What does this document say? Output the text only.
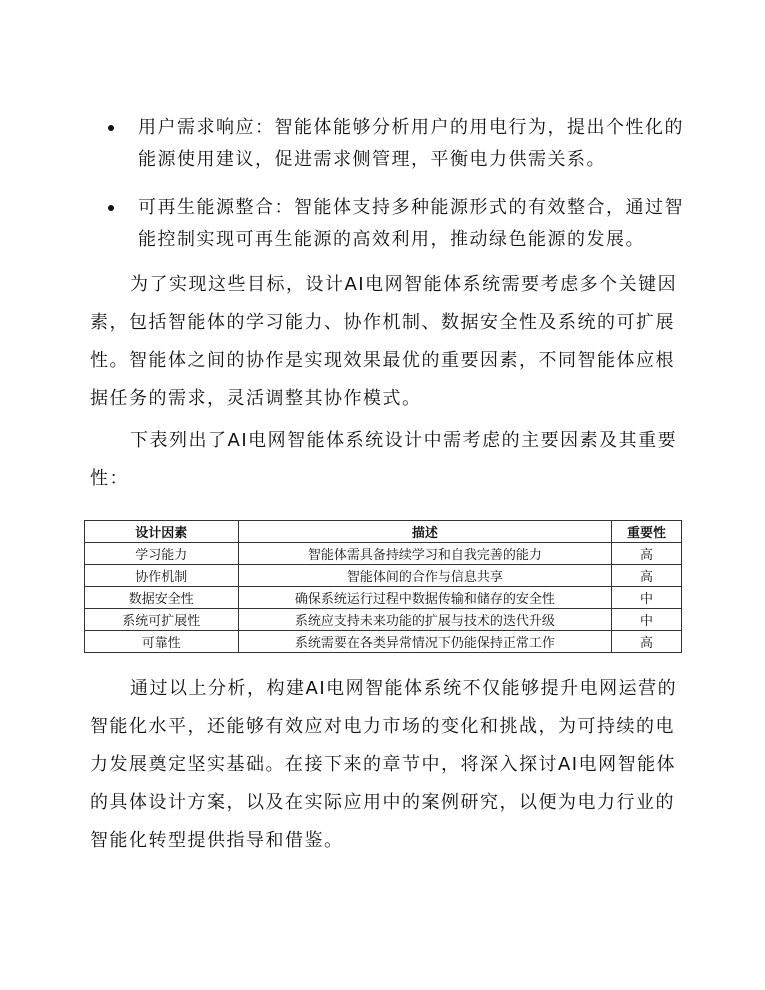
用户需求响应：智能体能够分析用户的用电行为，提出个性化的能源使用建议，促进需求侧管理，平衡电力供需关系。
可再生能源整合：智能体支持多种能源形式的有效整合，通过智能控制实现可再生能源的高效利用，推动绿色能源的发展。

为了实现这些目标，设计AI电网智能体系统需要考虑多个关键因素，包括智能体的学习能力、协作机制、数据安全性及系统的可扩展性。智能体之间的协作是实现效果最优的重要因素，不同智能体应根据任务的需求，灵活调整其协作模式。

下表列出了AI电网智能体系统设计中需考虑的主要因素及其重要性：

设计因素	描述	重要性
学习能力	智能体需具备持续学习和自我完善的能力	高
协作机制	智能体间的合作与信息共享	高
数据安全性	确保系统运行过程中数据传输和储存的安全性	中
系统可扩展性	系统应支持未来功能的扩展与技术的迭代升级	中
可靠性	系统需要在各类异常情况下仍能保持正常工作	高

通过以上分析，构建AI电网智能体系统不仅能够提升电网运营的智能化水平，还能够有效应对电力市场的变化和挑战，为可持续的电力发展奠定坚实基础。在接下来的章节中，将深入探讨AI电网智能体的具体设计方案，以及在实际应用中的案例研究，以便为电力行业的智能化转型提供指导和借鉴。
